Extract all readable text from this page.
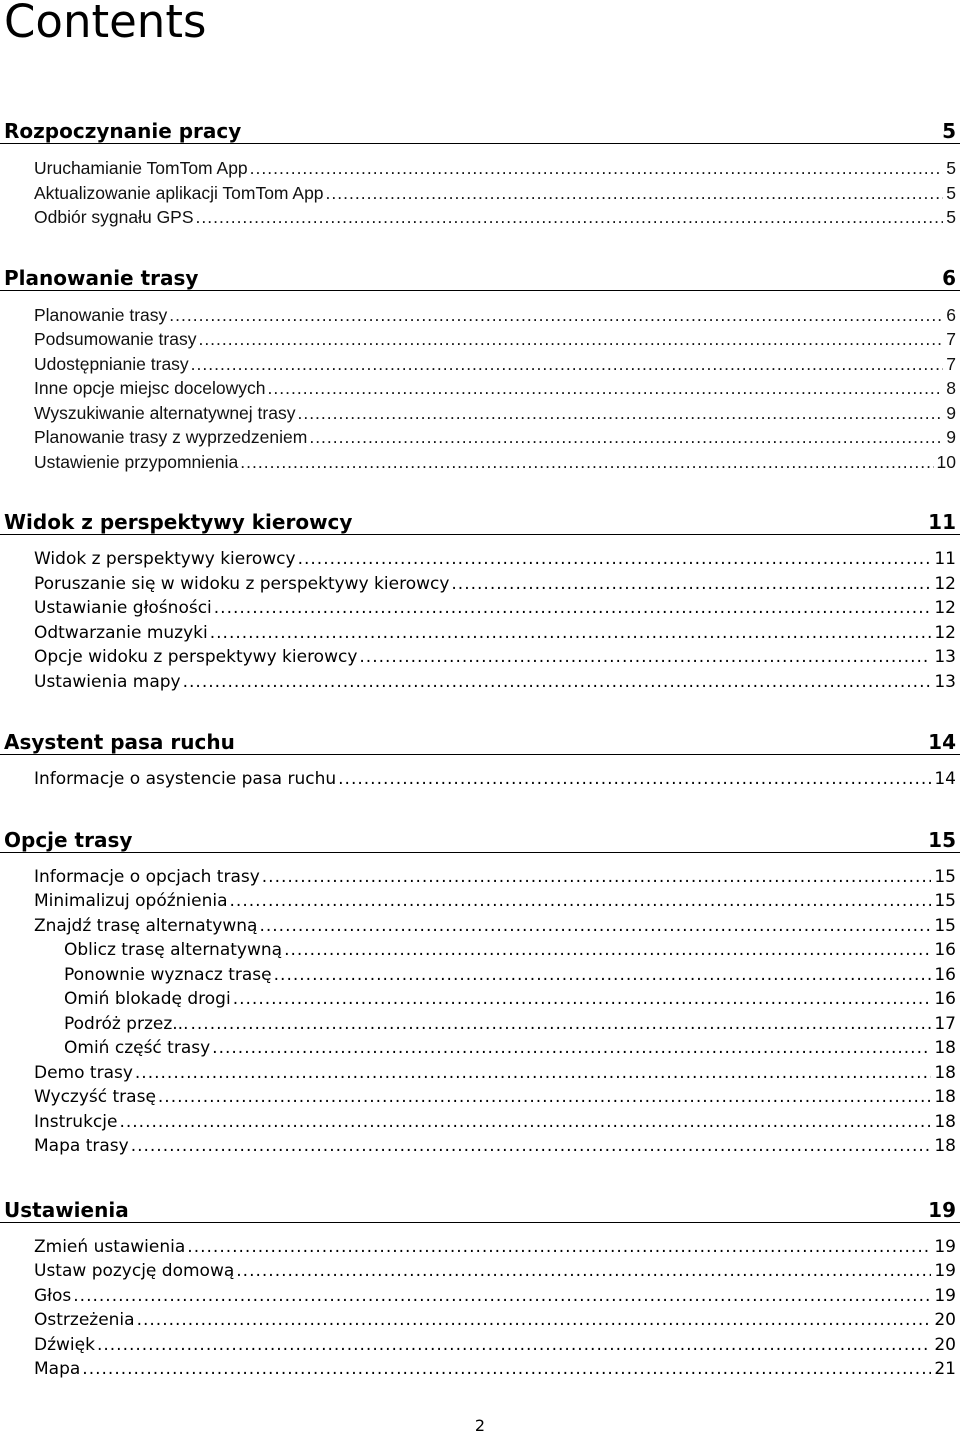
Contents
Rozpoczynanie pracy	5
Uruchamianie TomTom App .....	5
Aktualizowanie aplikacji TomTom App .....	5
Odbiór sygnału GPS .....	5
Planowanie trasy	6
Planowanie trasy .....	6
Podsumowanie trasy .....	7
Udostępnianie trasy .....	7
Inne opcje miejsc docelowych .....	8
Wyszukiwanie alternatywnej trasy .....	9
Planowanie trasy z wyprzedzeniem .....	9
Ustawienie przypomnienia .....	10
Widok z perspektywy kierowcy	11
Widok z perspektywy kierowcy .....	11
Poruszanie się w widoku z perspektywy kierowcy .....	12
Ustawianie głośności .....	12
Odtwarzanie muzyki .....	12
Opcje widoku z perspektywy kierowcy .....	13
Ustawienia mapy .....	13
Asystent pasa ruchu	14
Informacje o asystencie pasa ruchu .....	14
Opcje trasy	15
Informacje o opcjach trasy .....	15
Minimalizuj opóźnienia .....	15
Znajdź trasę alternatywną .....	15
Oblicz trasę alternatywną .....	16
Ponownie wyznacz trasę .....	16
Omiń blokadę drogi .....	16
Podróż przez... .....	17
Omiń część trasy .....	18
Demo trasy .....	18
Wyczyść trasę .....	18
Instrukcje .....	18
Mapa trasy .....	18
Ustawienia	19
Zmień ustawienia .....	19
Ustaw pozycję domową .....	19
Głos .....	19
Ostrzeżenia .....	20
Dźwięk .....	20
Mapa .....	21
2
